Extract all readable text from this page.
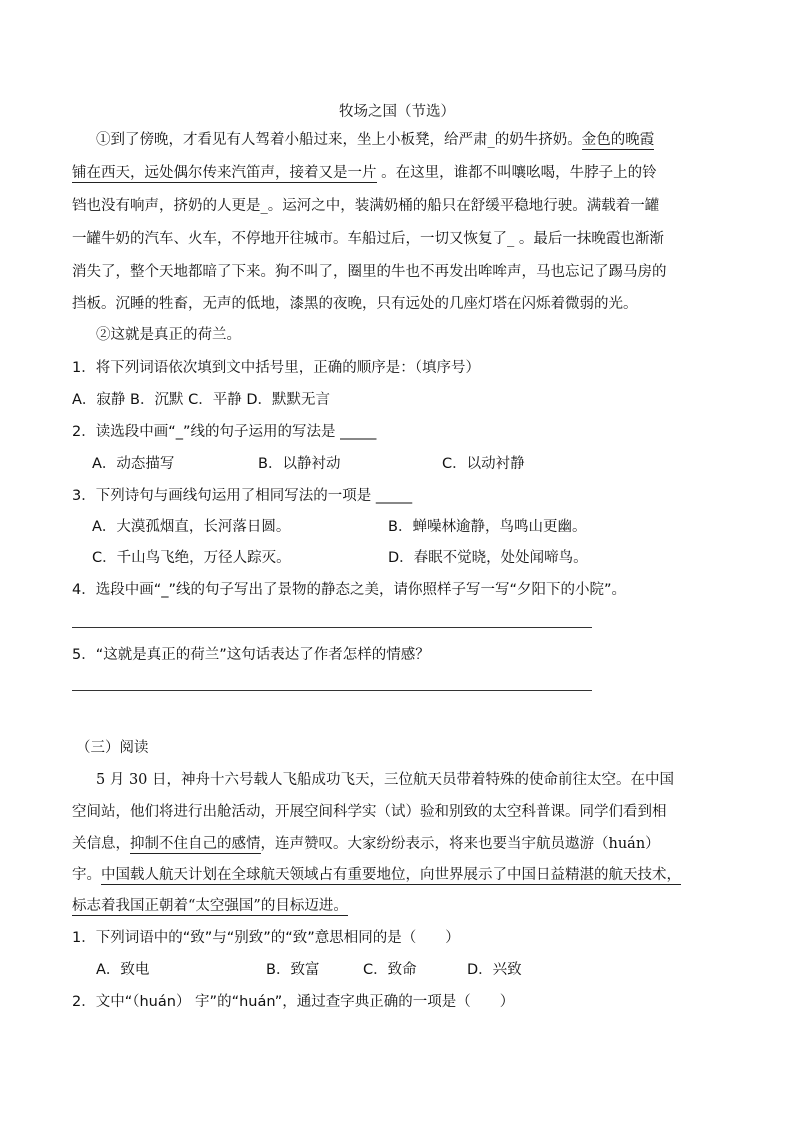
牧场之国（节选）
①到了傍晚，才看见有人驾着小船过来，坐上小板凳，给严肃_的奶牛挤奶。金色的晚霞
铺在西天，远处偶尔传来汽笛声，接着又是一片 。在这里，谁都不叫嚷吆喝，牛脖子上的铃
铛也没有响声，挤奶的人更是_。运河之中，装满奶桶的船只在舒缓平稳地行驶。满载着一罐
一罐牛奶的汽车、火车，不停地开往城市。车船过后，一切又恢复了_ 。最后一抹晚霞也渐渐
消失了，整个天地都暗了下来。狗不叫了，圈里的牛也不再发出哞哞声，马也忘记了踢马房的
挡板。沉睡的牲畜，无声的低地，漆黑的夜晚，只有远处的几座灯塔在闪烁着微弱的光。
②这就是真正的荷兰。
1．将下列词语依次填到文中括号里，正确的顺序是：（填序号）
A．寂静 B．沉默 C．平静 D．默默无言
2．读选段中画“_”线的句子运用的写法是 _____
A．动态描写	B．以静衬动	C．以动衬静
3．下列诗句与画线句运用了相同写法的一项是 _____
A．大漠孤烟直，长河落日圆。	B．蝉噪林逾静，鸟鸣山更幽。
C．千山鸟飞绝，万径人踪灭。	D．春眠不觉晓，处处闻啼鸟。
4．选段中画“_”线的句子写出了景物的静态之美，请你照样子写一写“夕阳下的小院”。
5．“这就是真正的荷兰”这句话表达了作者怎样的情感？
（三）阅读
5 月 30 日，神舟十六号载人飞船成功飞天，三位航天员带着特殊的使命前往太空。在中国
空间站，他们将进行出舱活动，开展空间科学实（试）验和别致的太空科普课。同学们看到相
关信息，抑制不住自己的感情，连声赞叹。大家纷纷表示，将来也要当宇航员遨游（huán）
宇。中国载人航天计划在全球航天领域占有重要地位，向世界展示了中国日益精湛的航天技术，
标志着我国正朝着“太空强国”的目标迈进。
1．下列词语中的“致”与“别致”的“致”意思相同的是（　　）
A．致电	B．致富	C．致命	D．兴致
2．文中“（huán） 宇”的“huán”，通过查字典正确的一项是（　　）
